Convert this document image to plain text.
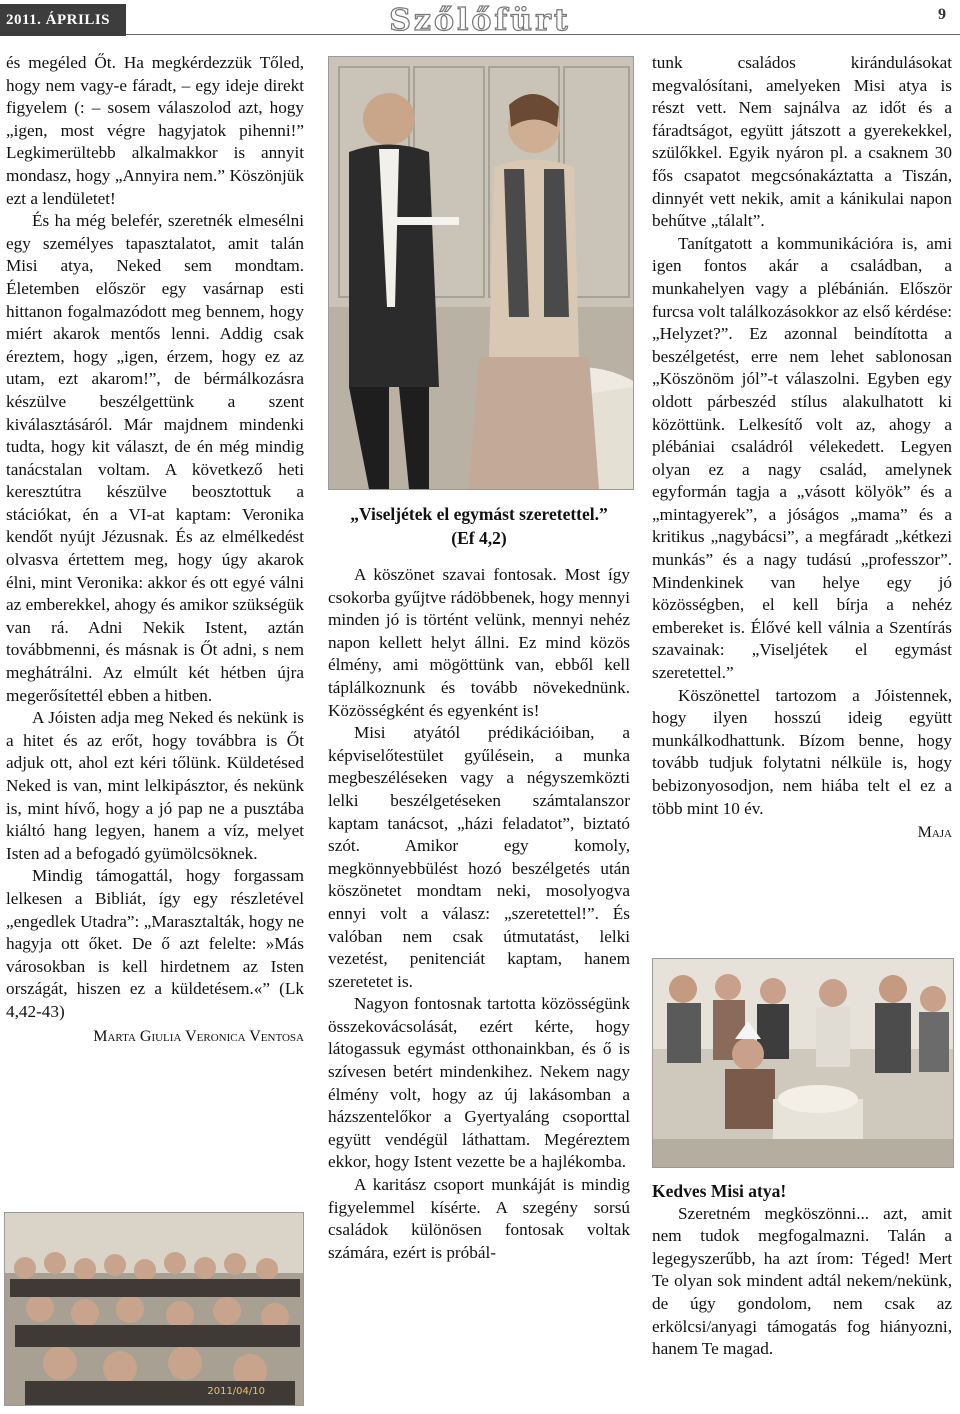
2011. ÁPRILIS	Szőlőfürt	9

és megéled Őt. Ha megkérdezzük Tőled, hogy nem vagy-e fáradt, – egy ideje direkt figyelem (: – sosem válaszolod azt, hogy „igen, most végre hagyjatok pihenni!” Legkimerültebb alkalmakkor is annyit mondasz, hogy „Annyira nem.” Köszönjük ezt a lendületet!

És ha még belefér, szeretnék elmesélni egy személyes tapasztalatot, amit talán Misi atya, Neked sem mondtam. Életemben először egy vasárnap esti hittanon fogalmazódott meg bennem, hogy miért akarok mentős lenni. Addig csak éreztem, hogy „igen, érzem, hogy ez az utam, ezt akarom!”, de bérmálkozásra készülve beszélgettünk a szent kiválasztásáról. Már majdnem mindenki tudta, hogy kit választ, de én még mindig tanácstalan voltam. A következő heti keresztútra készülve beosztottuk a stációkat, én a VI-at kaptam: Veronika kendőt nyújt Jézusnak. És az elmélkedést olvasva értettem meg, hogy úgy akarok élni, mint Veronika: akkor és ott egyé válni az emberekkel, ahogy és amikor szükségük van rá. Adni Nekik Istent, aztán továbbmenni, és másnak is Őt adni, s nem meghátrálni. Az elmúlt két hétben újra megerősítettél ebben a hitben.

A Jóisten adja meg Neked és nekünk is a hitet és az erőt, hogy továbbra is Őt adjuk ott, ahol ezt kéri tőlünk. Küldetésed Neked is van, mint lelkipásztor, és nekünk is, mint hívő, hogy a jó pap ne a pusztába kiáltó hang legyen, hanem a víz, melyet Isten ad a befogadó gyümölcsöknek.

Mindig támogattál, hogy forgassam lelkesen a Bibliát, így egy részletével „engedlek Utadra”: „Marasztalták, hogy ne hagyja ott őket. De ő azt felelte: »Más városokban is kell hirdetnem az Isten országát, hiszen ez a küldetésem.«” (Lk 4,42-43)

Marta Giulia Veronica Ventosa
„Viseljétek el egymást szeretettel.”
(Ef 4,2)

A köszönet szavai fontosak. Most így csokorba gyűjtve rádöbbenek, hogy mennyi minden jó is történt velünk, mennyi nehéz napon kellett helyt állni. Ez mind közös élmény, ami mögöttünk van, ebből kell táplálkoznunk és tovább növekednünk. Közösségként és egyenként is!

Misi atyától prédikációiban, a képviselőtestület gyűlésein, a munka megbeszéléseken vagy a négyszemközti lelki beszélgetéseken számtalanszor kaptam tanácsot, „házi feladatot”, biztató szót. Amikor egy komoly, megkönnyebbülést hozó beszélgetés után köszönetet mondtam neki, mosolyogva ennyi volt a válasz: „szeretettel!”. És valóban nem csak útmutatást, lelki vezetést, penitenciát kaptam, hanem szeretetet is.

Nagyon fontosnak tartotta közösségünk összekovácsolását, ezért kérte, hogy látogassuk egymást otthonainkban, és ő is szívesen betért mindenkihez. Nekem nagy élmény volt, hogy az új lakásomban a házszentelőkor a Gyertyaláng csoporttal együtt vendégül láthattam. Megéreztem ekkor, hogy Istent vezette be a hajlékomba.

A karitász csoport munkáját is mindig figyelemmel kísérte. A szegény sorsú családok különösen fontosak voltak számára, ezért is próbál-

tunk családos kirándulásokat megvalósítani, amelyeken Misi atya is részt vett. Nem sajnálva az időt és a fáradtságot, együtt játszott a gyerekekkel, szülőkkel. Egyik nyáron pl. a csaknem 30 fős csapatot megcsónakáztatta a Tiszán, dinnyét vett nekik, amit a kánikulai napon behűtve „tálalt”.

Tanítgatott a kommunikációra is, ami igen fontos akár a családban, a munkahelyen vagy a plébánián. Először furcsa volt találkozásokkor az első kérdése: „Helyzet?”. Ez azonnal beindította a beszélgetést, erre nem lehet sablonosan „Köszönöm jól”-t válaszolni. Egyben egy oldott párbeszéd stílus alakulhatott ki közöttünk. Lelkesítő volt az, ahogy a plébániai családról vélekedett. Legyen olyan ez a nagy család, amelynek egyformán tagja a „vásott kölyök” és a „mintagyerek”, a jóságos „mama” és a kritikus „nagybácsi”, a megfáradt „kétkezi munkás” és a nagy tudású „professzor”. Mindenkinek van helye egy jó közösségben, el kell bírja a nehéz embereket is. Élővé kell válnia a Szentírás szavainak: „Viseljétek el egymást szeretettel.”

Köszönettel tartozom a Jóistennek, hogy ilyen hosszú ideig együtt munkálkodhattunk. Bízom benne, hogy tovább tudjuk folytatni nélküle is, hogy bebizonyosodjon, nem hiába telt el ez a több mint 10 év.

Maja

Kedves Misi atya!

Szeretném megköszönni... azt, amit nem tudok megfogalmazni. Talán a legegyszerűbb, ha azt írom: Téged! Mert Te olyan sok mindent adtál nekem/nekünk, de úgy gondolom, nem csak az erkölcsi/anyagi támogatás fog hiányozni, hanem Te magad.

2011/04/10
